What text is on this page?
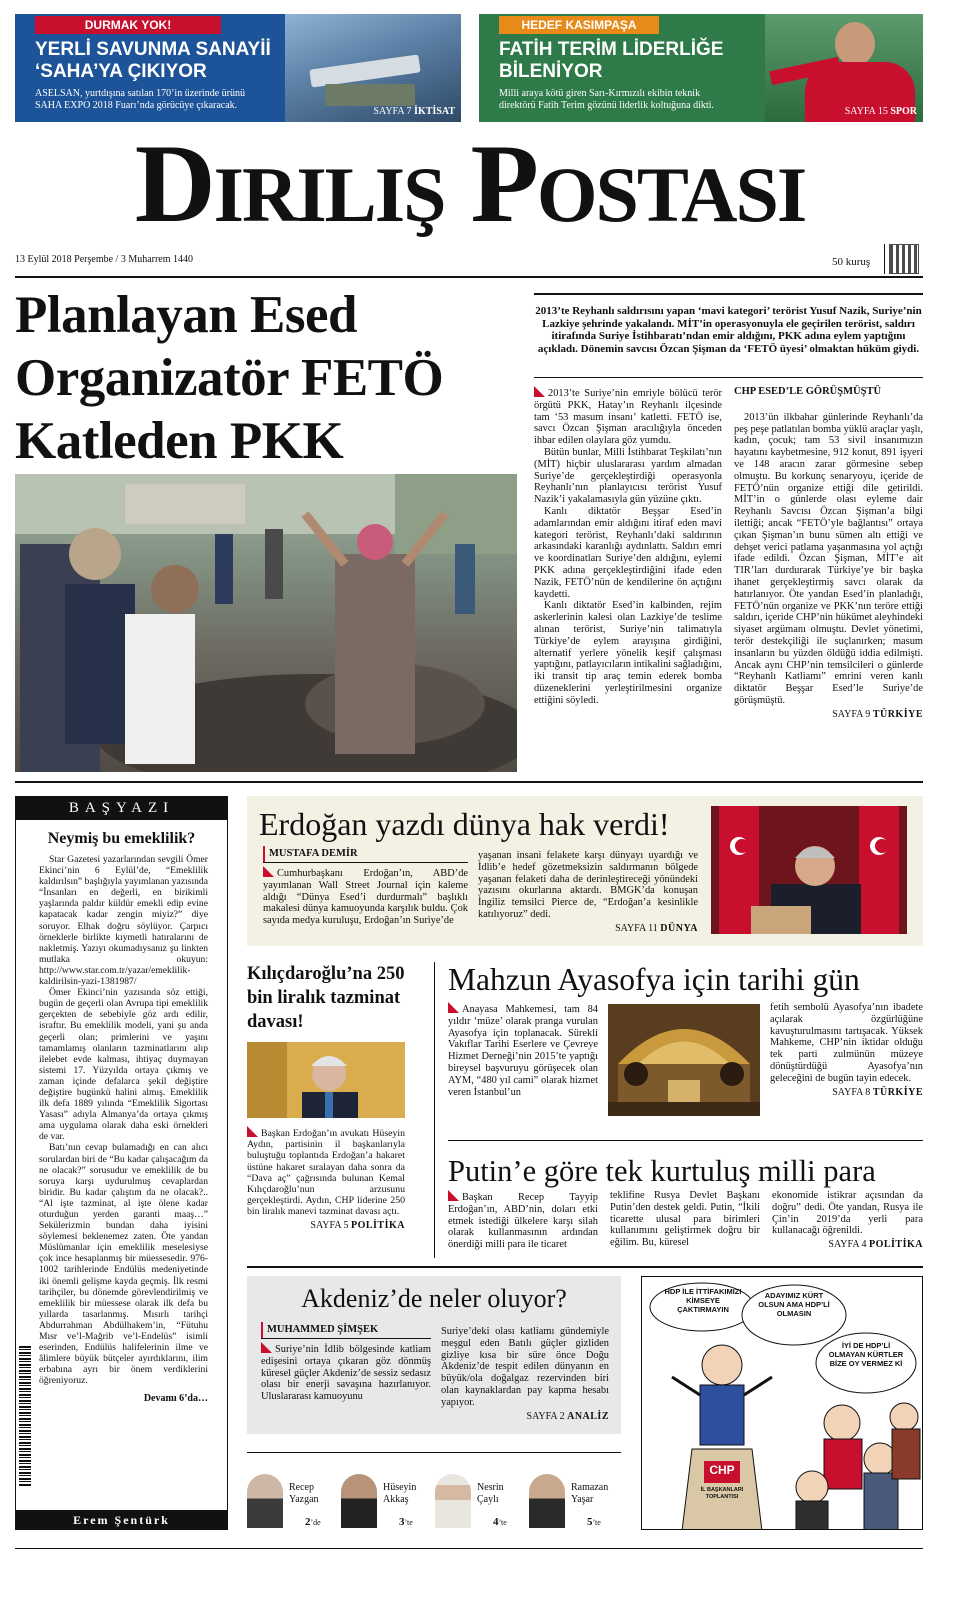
DURMAK YOK!
YERLİ SAVUNMA SANAYİİ
‘SAHA’YA ÇIKIYOR
ASELSAN, yurtdışına satılan 170’in üzerinde ürünü
SAHA EXPO 2018 Fuarı’nda görücüye çıkaracak.
SAYFA 7 İKTİSAT
HEDEF KASIMPAŞA
FATİH TERİM LİDERLİĞE
BİLENİYOR
Milli araya kötü giren Sarı-Kırmızılı ekibin teknik
direktörü Fatih Terim gözünü liderlik koltuğuna dikti.
SAYFA 15 SPOR
Diriliş Postası
13 Eylül 2018 Perşembe / 3 Muharrem 1440	50 kuruş
Planlayan Esed
Organizatör FETÖ
Katleden PKK
2013’te Reyhanlı saldırısını yapan ‘mavi kategori’ terörist Yusuf Nazik, Suriye’nin Lazkiye şehrinde yakalandı. MİT’in operasyonuyla ele geçirilen terörist, saldırı itirafında Suriye İstihbaratı’ndan emir aldığını, PKK adına eylem yaptığını açıkladı. Dönemin savcısı Özcan Şişman da ‘FETÖ üyesi’ olmaktan hüküm giydi.

2013’te Suriye’nin emriyle bölücü terör örgütü PKK, Hatay’ın Reyhanlı ilçesinde tam ‘53 masum insanı’ katletti. FETÖ ise, savcı Özcan Şişman aracılığıyla önceden ihbar edilen olaylara göz yumdu.

Bütün bunlar, Milli İstihbarat Teşkilatı’nın (MİT) hiçbir uluslararası yardım almadan Suriye’de gerçekleştirdiği operasyonla Reyhanlı’nın planlayıcısı terörist Yusuf Nazik’i yakalamasıyla gün yüzüne çıktı.

Kanlı diktatör Beşşar Esed’in adamlarından emir aldığını itiraf eden mavi kategori terörist, Reyhanlı’daki saldırının arkasındaki karanlığı aydınlattı. Saldırı emri ve koordinatları Suriye’den aldığını, eylemi PKK adına gerçekleştirdiğini ifade eden Nazik, FETÖ’nün de kendilerine ön açtığını kaydetti.

Kanlı diktatör Esed’in kalbinden, rejim askerlerinin kalesi olan Lazkiye’de teslime alınan terörist, Suriye’nin talimatıyla Türkiye’de eylem arayışına girdiğini, alternatif yerlere yönelik keşif çalışması yaptığını, patlayıcıların intikalini sağladığını, iki transit tip araç temin ederek bomba düzeneklerini yerleştirilmesini organize ettiğini söyledi.

CHP ESED’LE GÖRÜŞMÜŞTÜ

2013’ün ilkbahar günlerinde Reyhanlı’da peş peşe patlatılan bomba yüklü araçlar yaşlı, kadın, çocuk; tam 53 sivil insanımızın hayatını kaybetmesine, 912 konut, 891 işyeri ve 148 aracın zarar görmesine sebep olmuştu. Bu korkunç senaryoyu, içeride de FETÖ’nün organize ettiği dile getirildi. MİT’in o günlerde olası eyleme dair Reyhanlı Savcısı Özcan Şişman’a bilgi ilettiği; ancak “FETÖ’yle bağlantısı” ortaya çıkan Şişman’ın bunu sümen altı ettiği ve dehşet verici patlama yaşanmasına yol açtığı ifade edildi. Özcan Şişman, MİT’e ait TIR’ları durdurarak Türkiye’ye bir başka ihanet gerçekleştirmiş savcı olarak da hatırlanıyor. Öte yandan Esed’in planladığı, FETÖ’nün organize ve PKK’nın teröre ettiği saldırı, içeride CHP’nin hükümet aleyhindeki siyaset argümanı olmuştu. Devlet yönetimi, terör destekçiliği ile suçlanırken; masum insanların bu yüzden öldüğü iddia edilmişti. Ancak aynı CHP’nin temsilcileri o günlerde “Reyhanlı Katliamı” emrini veren kanlı diktatör Beşşar Esed’le Suriye’de görüşmüştü.

SAYFA 9 TÜRKİYE
BAŞYAZI
Neymiş bu emeklilik?

Star Gazetesi yazarlarından sevgili Ömer Ekinci’nin 6 Eylül’de, “Emeklilik kaldırılsın” başlığıyla yayımlanan yazısında “İnsanları en değerli, en birikimli yaşlarında paldır küldür emekli edip evine kapatacak kadar zengin miyiz?” diye soruyor. Elhak doğru söylüyor. Çarpıcı örneklerle birlikte kıymetli hatıralarını de nakletmiş. Yazıyı okumadıysanız şu linkten mutlaka okuyun: http://www.star.com.tr/yazar/emeklilik-kaldirilsin-yazi-1381987/

Ömer Ekinci’nin yazısında söz ettiği, bugün de geçerli olan Avrupa tipi emeklilik gerçekten de sebebiyle göz ardı edilir, israftır. Bu emeklilik modeli, yani şu anda geçerli olan; primlerini ve yaşını tamamlamış olanların tazminatlarını alıp ilelebet evde kalması, ihtiyaç duymayan sistemi 17. Yüzyılda ortaya çıkmış ve zaman içinde defalarca şekil değiştire değiştire bugünkü halini almış. Emeklilik ilk defa 1889 yılında “Emeklilik Sigortası Yasası” adıyla Almanya’da ortaya çıkmış ama uygulama olarak daha eski örnekleri de var.

Batı’nın cevap bulamadığı en can alıcı sorulardan biri de “Bu kadar çalışacağım da ne olacak?” sorusudur ve emeklilik de bu soruya karşı uydurulmuş cevaplardan biridir. Bu kadar çalıştım da ne olacak?.. “Al işte tazminat, al işte ölene kadar oturduğun yerden garanti maaş…” Sekülerizmin bundan daha iyisini söylemesi beklenemez zaten. Öte yandan Müslümanlar için emeklilik meselesiyse çok ince hesaplanmış bir müessesedir. 976-1002 tarihlerinde Endülüs medeniyetinde iki önemli gelişme kayda geçmiş. İlk resmi tarihçiler, bu dönemde görevlendirilmiş ve emeklilik bir müessese olarak ilk defa bu yıllarda tasarlanmış. Mısırlı tarihçi Abdurrahman Abdülhakem’in, “Fütuhu Mısr ve’l-Mağrib ve’l-Endelüs” isimli eserinden, Endülüs halifelerinin ilme ve âlimlere büyük bütçeler ayırdıklarını, ilim erbabına ayrı bir önem verdiklerini öğreniyoruz.

Devamı 6’da…
Erem Şentürk
Erdoğan yazdı dünya hak verdi!
MUSTAFA DEMİR

Cumhurbaşkanı Erdoğan’ın, ABD’de yayımlanan Wall Street Journal için kaleme aldığı “Dünya Esed’i durdurmalı” başlıklı makalesi dünya kamuoyunda karşılık buldu. Çok sayıda medya kuruluşu, Erdoğan’ın Suriye’de

yaşanan insani felakete karşı dünyayı uyardığı ve İdlib’e hedef gözetmeksizin saldırmanın bölgede yaşanan felaketi daha de derinleştireceği yönündeki yazısını okurlarına aktardı. BMGK’da konuşan İngiliz temsilci Pierce de, “Erdoğan’a kesinlikle katılıyoruz” dedi.

SAYFA 11 DÜNYA
Kılıçdaroğlu’na 250 bin liralık tazminat davası!

Başkan Erdoğan’ın avukatı Hüseyin Aydın, partisinin il başkanlarıyla buluştuğu toplantıda Erdoğan’a hakaret üstüne hakaret sıralayan daha sonra da “Dava aç” çağrısında bulunan Kemal Kılıçdaroğlu’nun arzusunu gerçekleştirdi. Aydın, CHP liderine 250 bin liralık manevi tazminat davası açtı.

SAYFA 5 POLİTİKA
Mahzun Ayasofya için tarihi gün

Anayasa Mahkemesi, tam 84 yıldır ‘müze’ olarak pranga vurulan Ayasofya için toplanacak. Sürekli Vakıflar Tarihi Eserlere ve Çevreye Hizmet Derneği’nin 2015’te yaptığı bireysel başvuruyu görüşecek olan AYM, “480 yıl cami” olarak hizmet veren İstanbul’un

fetih sembolü Ayasofya’nın ibadete açılarak özgürlüğüne kavuşturulmasını tartışacak. Yüksek Mahkeme, CHP’nin iktidar olduğu tek parti zulmünün müzeye dönüştürdüğü Ayasofya’nın geleceğini de bugün tayin edecek.

SAYFA 8 TÜRKİYE
Putin’e göre tek kurtuluş milli para

Başkan Recep Tayyip Erdoğan’ın, ABD’nin, doları etki etmek istediği ülkelere karşı silah olarak kullanmasının ardından önerdiği milli para ile ticaret

teklifine Rusya Devlet Başkanı Putin’den destek geldi. Putin, “İkili ticarette ulusal para birimleri kullanımını geliştirmek doğru bir eğilim. Bu, küresel

ekonomide istikrar açısından da doğru” dedi. Öte yandan, Rusya ile Çin’in 2019’da yerli para kullanacağı öğrenildi.

SAYFA 4 POLİTİKA
Akdeniz’de neler oluyor?
MUHAMMED ŞİMŞEK

Suriye’nin İdlib bölgesinde katliam edişesini ortaya çıkaran göz dönmüş küresel güçler Akdeniz’de sessiz sedasız olası bir enerji savaşına hazırlanıyor. Uluslararası kamuoyunu

Suriye’deki olası katliamı gündemiyle meşgul eden Batılı güçler gizliden gizliye kısa bir süre önce Doğu Akdeniz’de tespit edilen dünyanın en büyük/ola doğalgaz rezervinden biri olan kaynaklardan pay kapma hesabı yapıyor.

SAYFA 2 ANALİZ
Recep
Yazgan
2’de
Hüseyin
Akkaş
3’te
Nesrin
Çaylı
4’te
Ramazan
Yaşar
5’te
HDP İLE İTTİFAKIMIZI KİMSEYE ÇAKTIRMAYIN
ADAYIMIZ KÜRT OLSUN AMA HDP’Lİ OLMASIN
İYİ DE HDP’Lİ OLMAYAN KÜRTLER BİZE OY VERMEZ Kİ
CHP
İL BAŞKANLARI TOPLANTISI
